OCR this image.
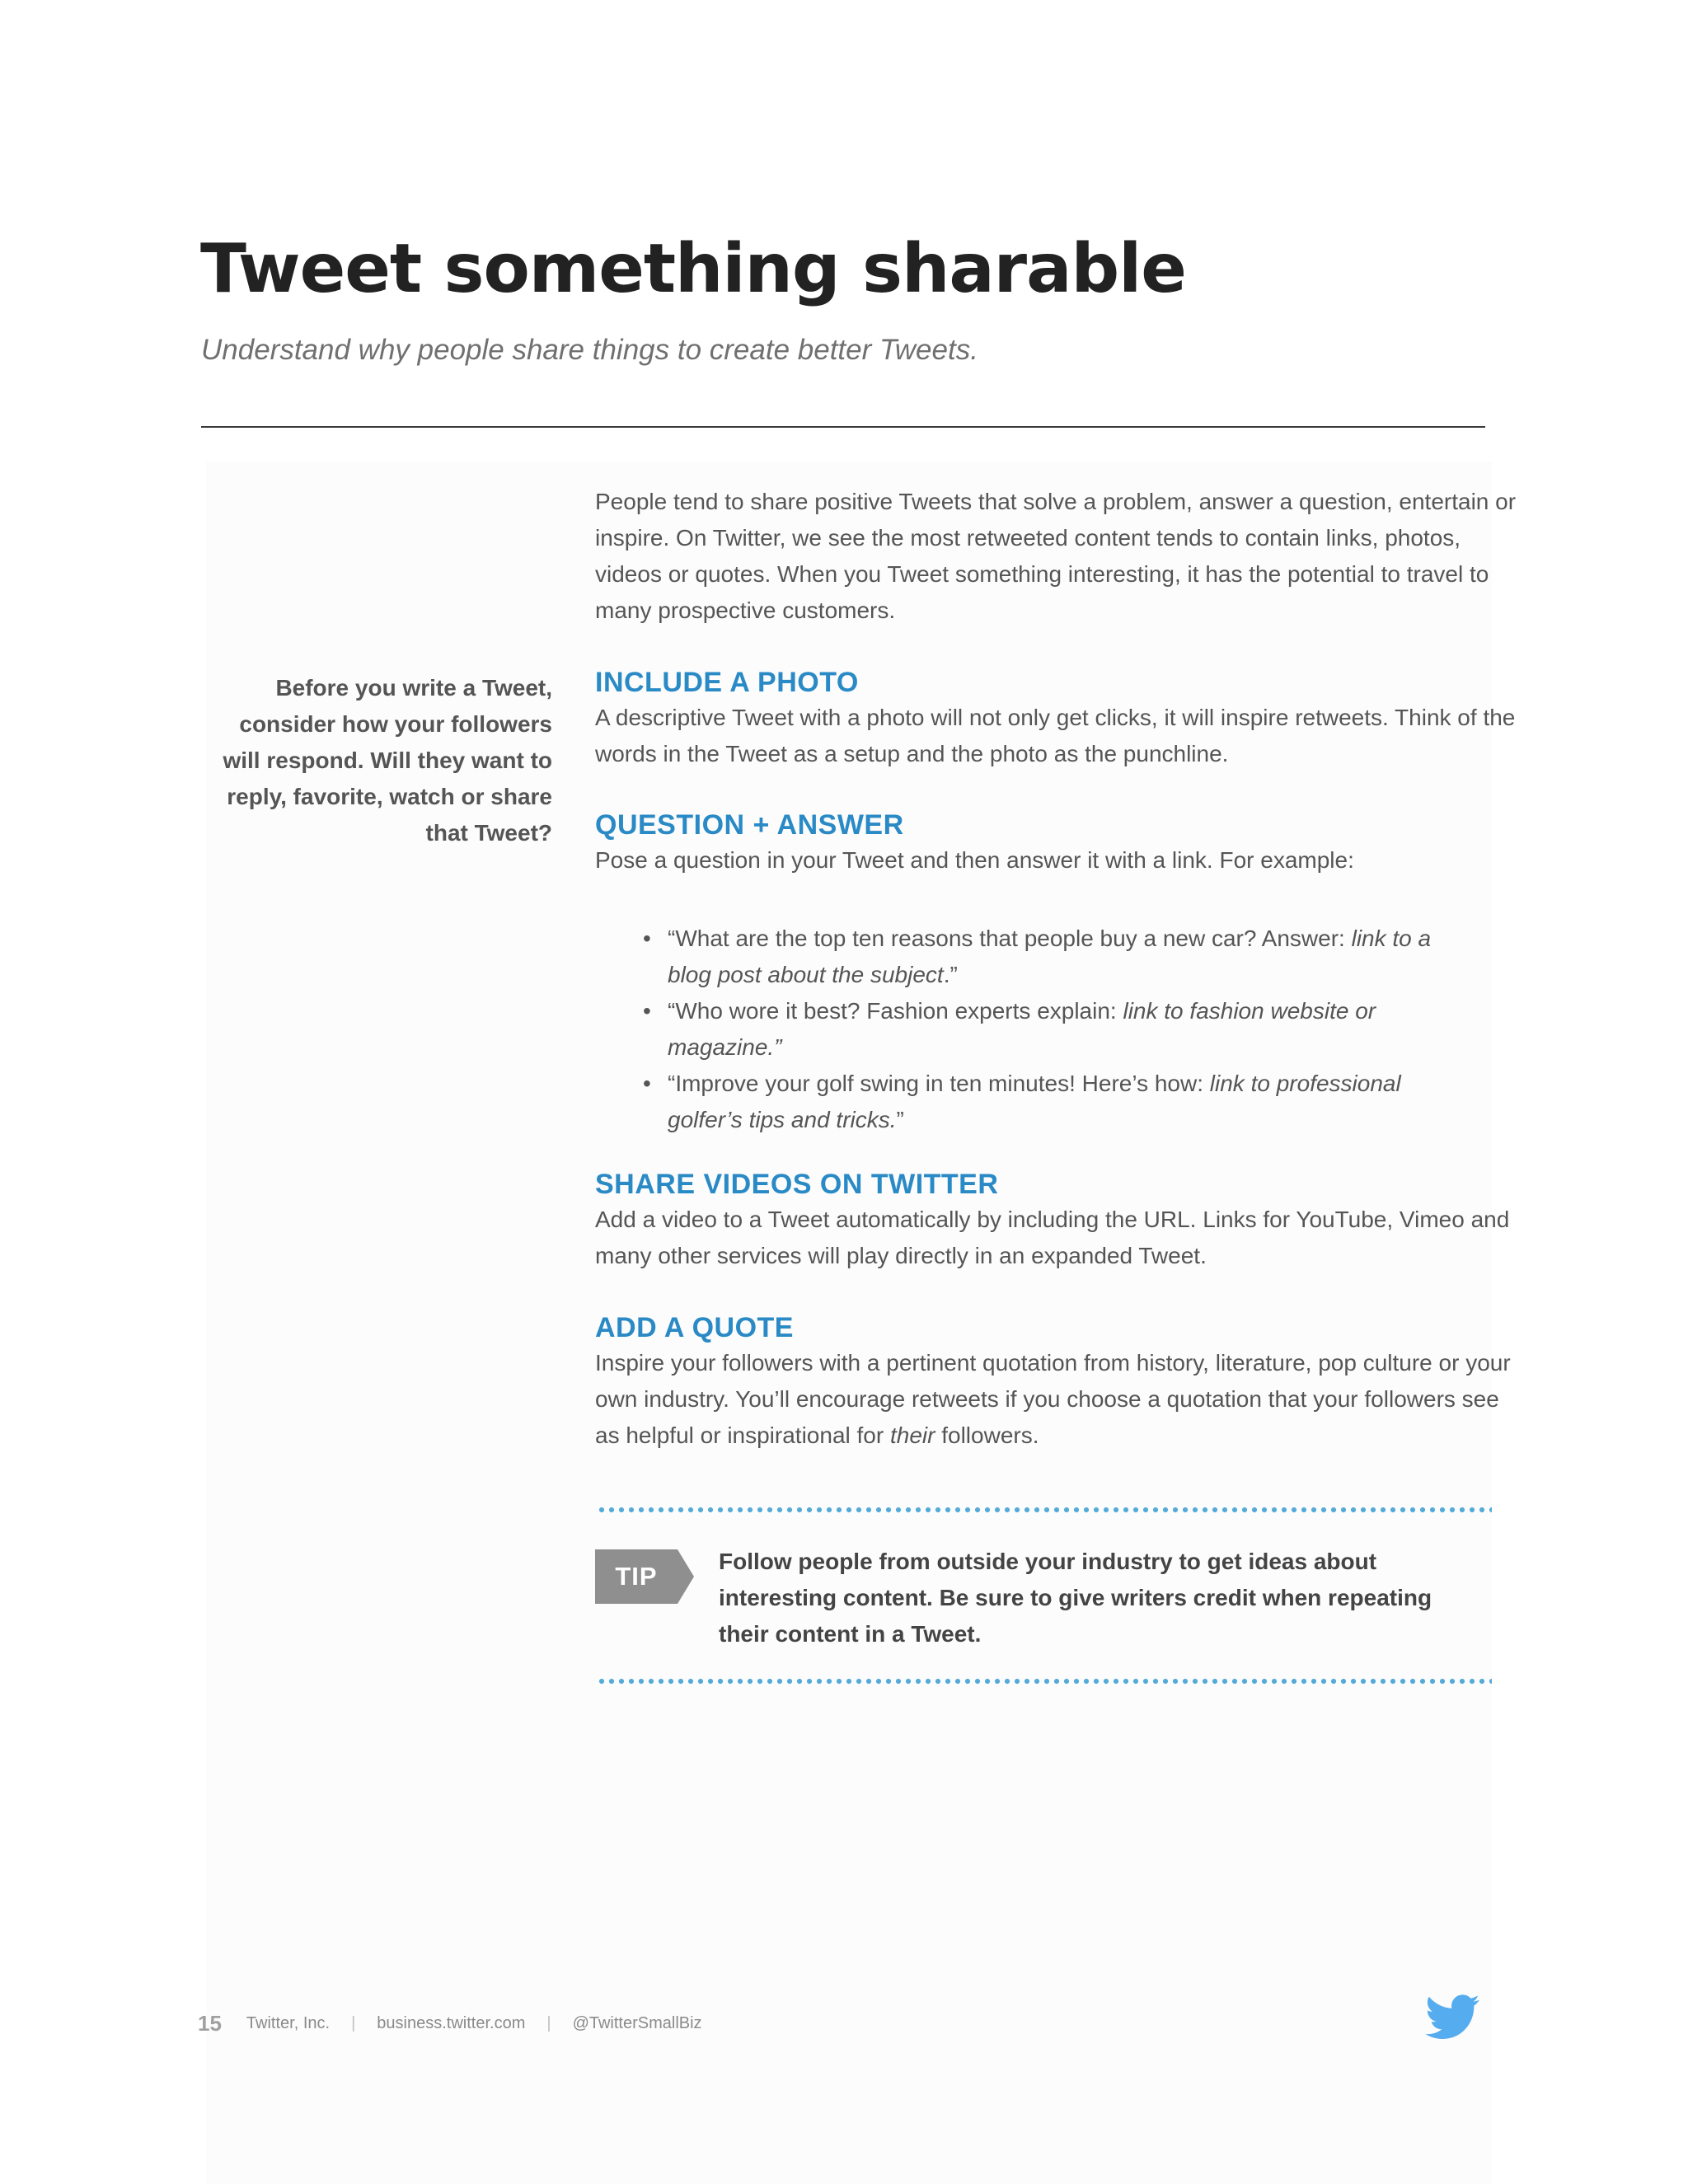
Tweet something sharable

Understand why people share things to create better Tweets.

People tend to share positive Tweets that solve a problem, answer a question, entertain or inspire. On Twitter, we see the most retweeted content tends to contain links, photos, videos or quotes. When you Tweet something interesting, it has the potential to travel to many prospective customers.

Before you write a Tweet, consider how your followers will respond. Will they want to reply, favorite, watch or share that Tweet?

INCLUDE A PHOTO

A descriptive Tweet with a photo will not only get clicks, it will inspire retweets. Think of the words in the Tweet as a setup and the photo as the punchline.

QUESTION + ANSWER

Pose a question in your Tweet and then answer it with a link. For example:

• “What are the top ten reasons that people buy a new car? Answer: link to a blog post about the subject.”
• “Who wore it best? Fashion experts explain: link to fashion website or magazine.”
• “Improve your golf swing in ten minutes! Here’s how: link to professional golfer’s tips and tricks.”
SHARE VIDEOS ON TWITTER

Add a video to a Tweet automatically by including the URL. Links for YouTube, Vimeo and many other services will play directly in an expanded Tweet.

ADD A QUOTE

Inspire your followers with a pertinent quotation from history, literature, pop culture or your own industry. You’ll encourage retweets if you choose a quotation that your followers see as helpful or inspirational for their followers.

TIP

Follow people from outside your industry to get ideas about interesting content. Be sure to give writers credit when repeating their content in a Tweet.

15 Twitter, Inc. | business.twitter.com | @TwitterSmallBiz
